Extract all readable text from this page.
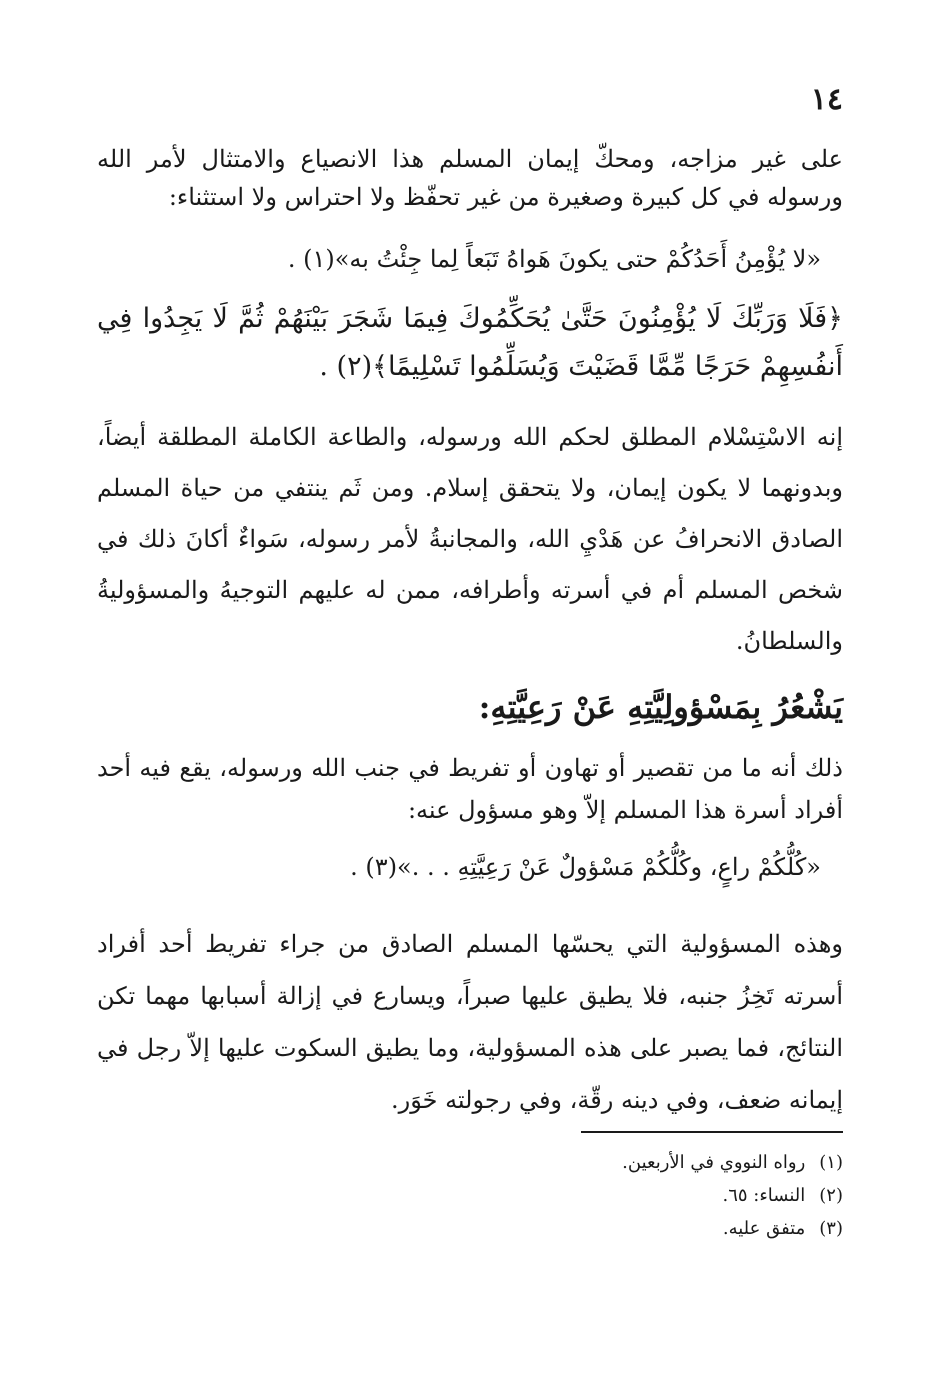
١٤

على غير مزاجه، ومحكّ إيمان المسلم هذا الانصياع والامتثال لأمر الله ورسوله في كل كبيرة وصغيرة من غير تحفّظ ولا احتراس ولا استثناء:

«لا يُؤْمِنُ أَحَدُكُمْ حتى يكونَ هَواهُ تَبَعاً لِما جِئْتُ به»(١) .

﴿فَلَا وَرَبِّكَ لَا يُؤْمِنُونَ حَتَّىٰ يُحَكِّمُوكَ فِيمَا شَجَرَ بَيْنَهُمْ ثُمَّ لَا يَجِدُوا فِي أَنفُسِهِمْ حَرَجًا مِّمَّا قَضَيْتَ وَيُسَلِّمُوا تَسْلِيمًا﴾(٢) .

إنه الاسْتِسْلام المطلق لحكم الله ورسوله، والطاعة الكاملة المطلقة أيضاً، وبدونهما لا يكون إيمان، ولا يتحقق إسلام. ومن ثَم ينتفي من حياة المسلم الصادق الانحرافُ عن هَدْيِ الله، والمجانبةُ لأمر رسوله، سَواءٌ أكانَ ذلك في شخص المسلم أم في أسرته وأطرافه، ممن له عليهم التوجيهُ والمسؤوليةُ والسلطانُ.

يَشْعُرُ بِمَسْؤولِيَّتِهِ عَنْ رَعِيَّتِهِ:

ذلك أنه ما من تقصير أو تهاون أو تفريط في جنب الله ورسوله، يقع فيه أحد أفراد أسرة هذا المسلم إلاّ وهو مسؤول عنه:

«كُلُّكُمْ راعٍ، وكُلُّكُمْ مَسْؤولٌ عَنْ رَعِيَّتِهِ . . .»(٣) .

وهذه المسؤولية التي يحسّها المسلم الصادق من جراء تفريط أحد أفراد أسرته تَخِزُ جنبه، فلا يطيق عليها صبراً، ويسارع في إزالة أسبابها مهما تكن النتائج، فما يصبر على هذه المسؤولية، وما يطيق السكوت عليها إلاّ رجل في إيمانه ضعف، وفي دينه رقّة، وفي رجولته خَوَر.

(١)رواه النووي في الأربعين.
(٢)النساء: ٦٥.
(٣)متفق عليه.
